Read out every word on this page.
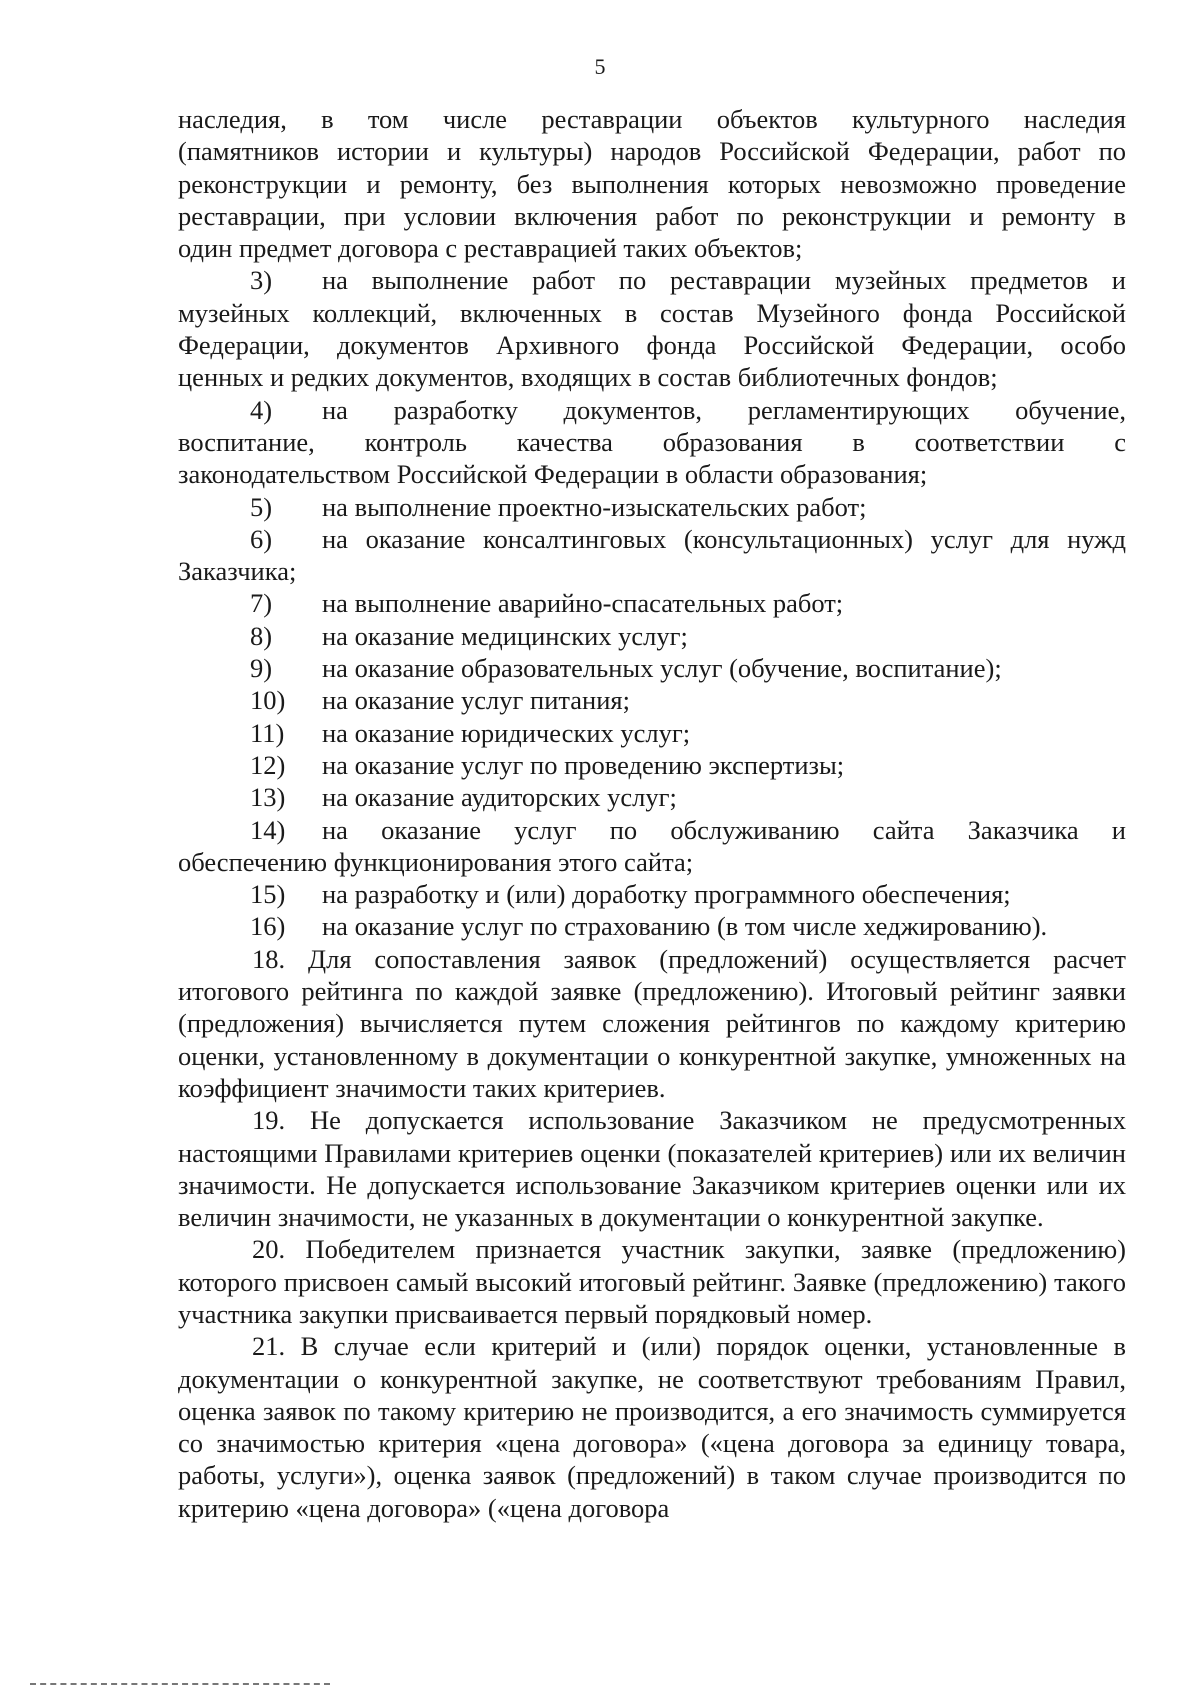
5

наследия, в том числе реставрации объектов культурного наследия

(памятников истории и культуры) народов Российской Федерации, работ по

реконструкции и ремонту, без выполнения которых невозможно проведение

реставрации, при условии включения работ по реконструкции и ремонту в

один предмет договора с реставрацией таких объектов;

3)	на выполнение работ по реставрации музейных предметов и

музейных коллекций, включенных в состав Музейного фонда Российской

Федерации, документов Архивного фонда Российской Федерации, особо

ценных и редких документов, входящих в состав библиотечных фондов;

4)	на разработку документов, регламентирующих обучение,

воспитание, контроль качества образования в соответствии с

законодательством Российской Федерации в области образования;

5)	на выполнение проектно-изыскательских работ;
6)	на оказание консалтинговых (консультационных) услуг для нужд

Заказчика;

7)	на выполнение аварийно-спасательных работ;
8)	на оказание медицинских услуг;
9)	на оказание образовательных услуг (обучение, воспитание);
10)	на оказание услуг питания;
11)	на оказание юридических услуг;
12)	на оказание услуг по проведению экспертизы;
13)	на оказание аудиторских услуг;
14)	на оказание услуг по обслуживанию сайта Заказчика и

обеспечению функционирования этого сайта;

15)	на разработку и (или) доработку программного обеспечения;
16)	на оказание услуг по страхованию (в том числе хеджированию).

18. Для сопоставления заявок (предложений) осуществляется расчет итогового рейтинга по каждой заявке (предложению). Итоговый рейтинг заявки (предложения) вычисляется путем сложения рейтингов по каждому критерию оценки, установленному в документации о конкурентной закупке, умноженных на коэффициент значимости таких критериев.

19. Не допускается использование Заказчиком не предусмотренных настоящими Правилами критериев оценки (показателей критериев) или их величин значимости. Не допускается использование Заказчиком критериев оценки или их величин значимости, не указанных в документации о конкурентной закупке.

20. Победителем признается участник закупки, заявке (предложению) которого присвоен самый высокий итоговый рейтинг. Заявке (предложению) такого участника закупки присваивается первый порядковый номер.

21. В случае если критерий и (или) порядок оценки, установленные в документации о конкурентной закупке, не соответствуют требованиям Правил, оценка заявок по такому критерию не производится, а его значимость суммируется со значимостью критерия «цена договора» («цена договора за единицу товара, работы, услуги»), оценка заявок (предложений) в таком случае производится по критерию «цена договора» («цена договора
